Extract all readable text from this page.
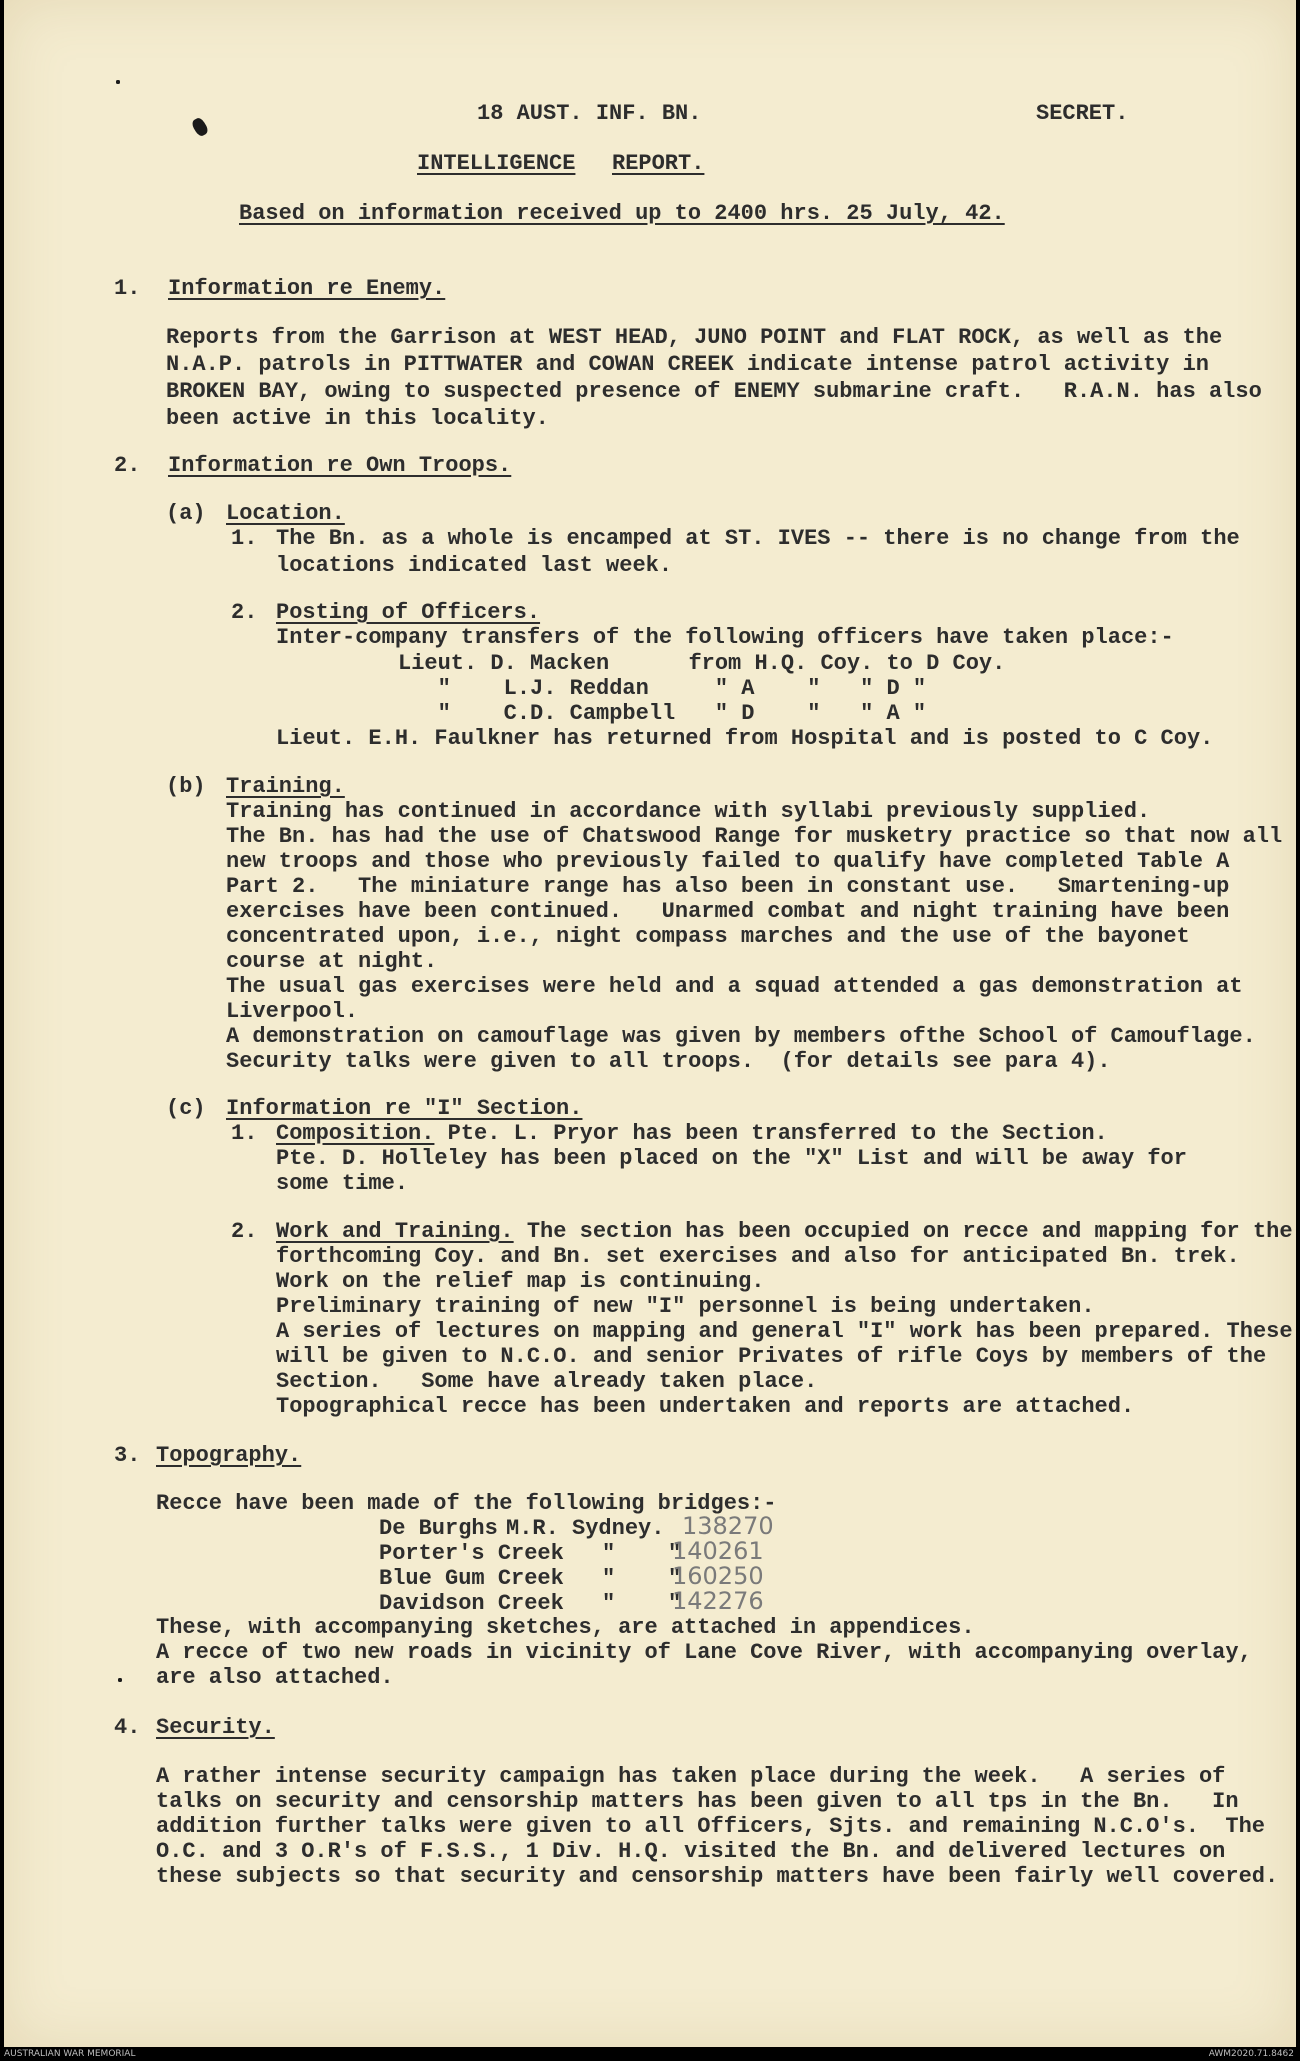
18 AUST. INF. BN.	SECRET.
INTELLIGENCE REPORT.
Based on information received up to 2400 hrs. 25 July, 42.
1. Information re Enemy.
Reports from the Garrison at WEST HEAD, JUNO POINT and FLAT ROCK, as well as the
N.A.P. patrols in PITTWATER and COWAN CREEK indicate intense patrol activity in
BROKEN BAY, owing to suspected presence of ENEMY submarine craft.   R.A.N. has also
been active in this locality.
2. Information re Own Troops.
(a) Location.
1. The Bn. as a whole is encamped at ST. IVES -- there is no change from the
locations indicated last week.
2. Posting of Officers.
Inter-company transfers of the following officers have taken place:-
Lieut. D. Macken      from H.Q. Coy. to D Coy.
"    L.J. Reddan     " A    "   " D "
"    C.D. Campbell   " D    "   " A "
Lieut. E.H. Faulkner has returned from Hospital and is posted to C Coy.
(b) Training.
Training has continued in accordance with syllabi previously supplied.
The Bn. has had the use of Chatswood Range for musketry practice so that now all
new troops and those who previously failed to qualify have completed Table A
Part 2.   The miniature range has also been in constant use.   Smartening-up
exercises have been continued.   Unarmed combat and night training have been
concentrated upon, i.e., night compass marches and the use of the bayonet
course at night.
The usual gas exercises were held and a squad attended a gas demonstration at
Liverpool.
A demonstration on camouflage was given by members ofthe School of Camouflage.
Security talks were given to all troops.  (for details see para 4).
(c) Information re "I" Section.
1. Composition. Pte. L. Pryor has been transferred to the Section.
Pte. D. Holleley has been placed on the "X" List and will be away for
some time.
2. Work and Training. The section has been occupied on recce and mapping for the
forthcoming Coy. and Bn. set exercises and also for anticipated Bn. trek.
Work on the relief map is continuing.
Preliminary training of new "I" personnel is being undertaken.
A series of lectures on mapping and general "I" work has been prepared. These
will be given to N.C.O. and senior Privates of rifle Coys by members of the
Section.   Some have already taken place.
Topographical recce has been undertaken and reports are attached.
3. Topography.
Recce have been made of the following bridges:-
De Burghs M.R. Sydney. 138270
Porter's Creek "    "
140261
Blue Gum Creek "    "
160250
Davidson Creek "    "
142276
These, with accompanying sketches, are attached in appendices.
A recce of two new roads in vicinity of Lane Cove River, with accompanying overlay,
are also attached.
4. Security.
A rather intense security campaign has taken place during the week.   A series of
talks on security and censorship matters has been given to all tps in the Bn.   In
addition further talks were given to all Officers, Sjts. and remaining N.C.O's.  The
O.C. and 3 O.R's of F.S.S., 1 Div. H.Q. visited the Bn. and delivered lectures on
these subjects so that security and censorship matters have been fairly well covered.
AUSTRALIAN WAR MEMORIAL	AWM2020.71.8462
